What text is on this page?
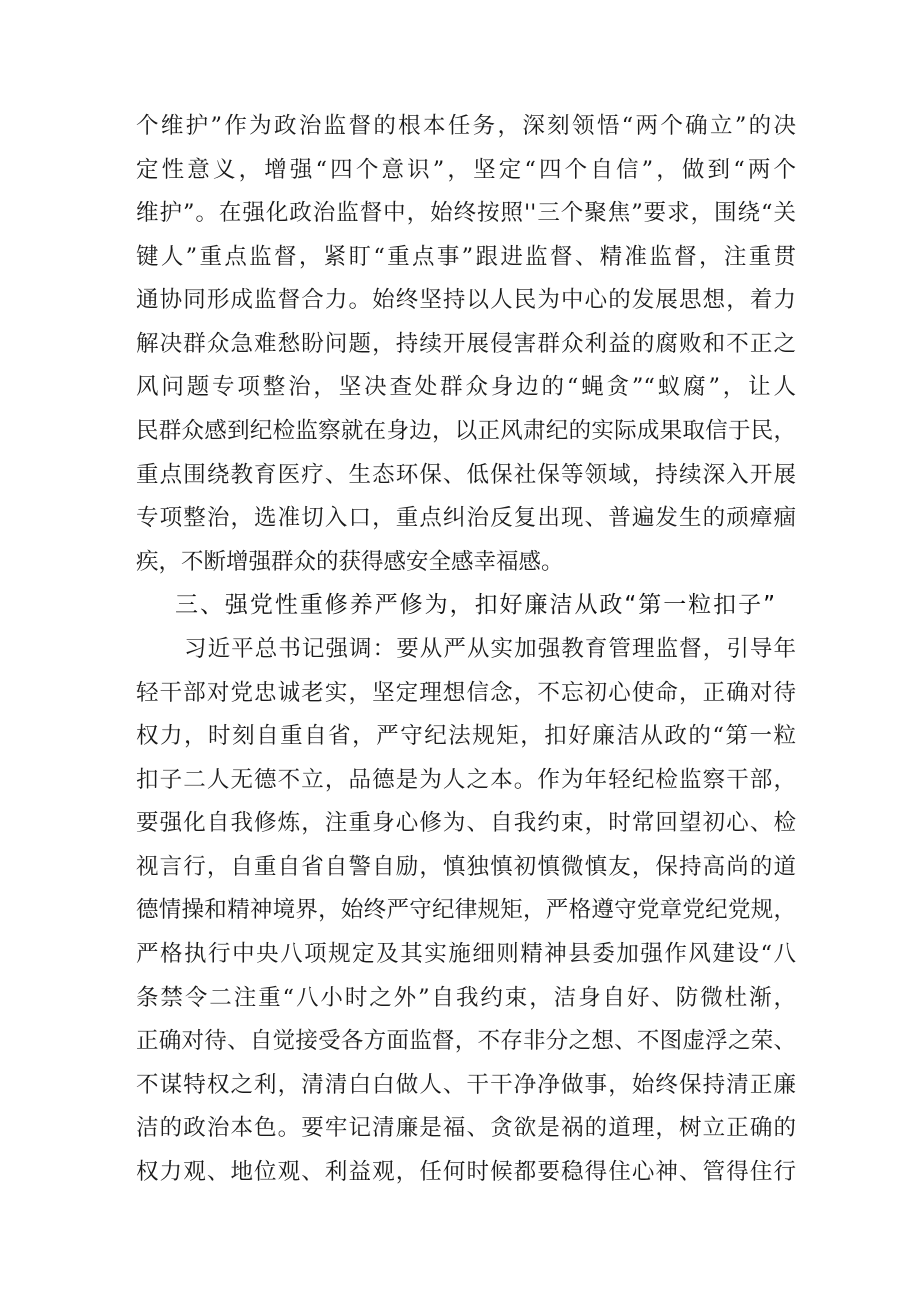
个维护”作为政治监督的根本任务，深刻领悟“两个确立”的决
定性意义，增强“四个意识”，坚定“四个自信”，做到“两个
维护”。在强化政治监督中，始终按照''三个聚焦”要求，围绕“关
键人”重点监督，紧盯“重点事”跟进监督、精准监督，注重贯
通协同形成监督合力。始终坚持以人民为中心的发展思想，着力
解决群众急难愁盼问题，持续开展侵害群众利益的腐败和不正之
风问题专项整治，坚决查处群众身边的“蝇贪”“蚁腐”，让人
民群众感到纪检监察就在身边，以正风肃纪的实际成果取信于民，
重点围绕教育医疗、生态环保、低保社保等领域，持续深入开展
专项整治，选准切入口，重点纠治反复出现、普遍发生的顽瘴痼
疾，不断增强群众的获得感安全感幸福感。
三、强党性重修养严修为，扣好廉洁从政“第一粒扣子”
习近平总书记强调：要从严从实加强教育管理监督，引导年
轻干部对党忠诚老实，坚定理想信念，不忘初心使命，正确对待
权力，时刻自重自省，严守纪法规矩，扣好廉洁从政的“第一粒
扣子二人无德不立，品德是为人之本。作为年轻纪检监察干部，
要强化自我修炼，注重身心修为、自我约束，时常回望初心、检
视言行，自重自省自警自励，慎独慎初慎微慎友，保持高尚的道
德情操和精神境界，始终严守纪律规矩，严格遵守党章党纪党规，
严格执行中央八项规定及其实施细则精神县委加强作风建设“八
条禁令二注重“八小时之外”自我约束，洁身自好、防微杜渐，
正确对待、自觉接受各方面监督，不存非分之想、不图虚浮之荣、
不谋特权之利，清清白白做人、干干净净做事，始终保持清正廉
洁的政治本色。要牢记清廉是福、贪欲是祸的道理，树立正确的
权力观、地位观、利益观，任何时候都要稳得住心神、管得住行
